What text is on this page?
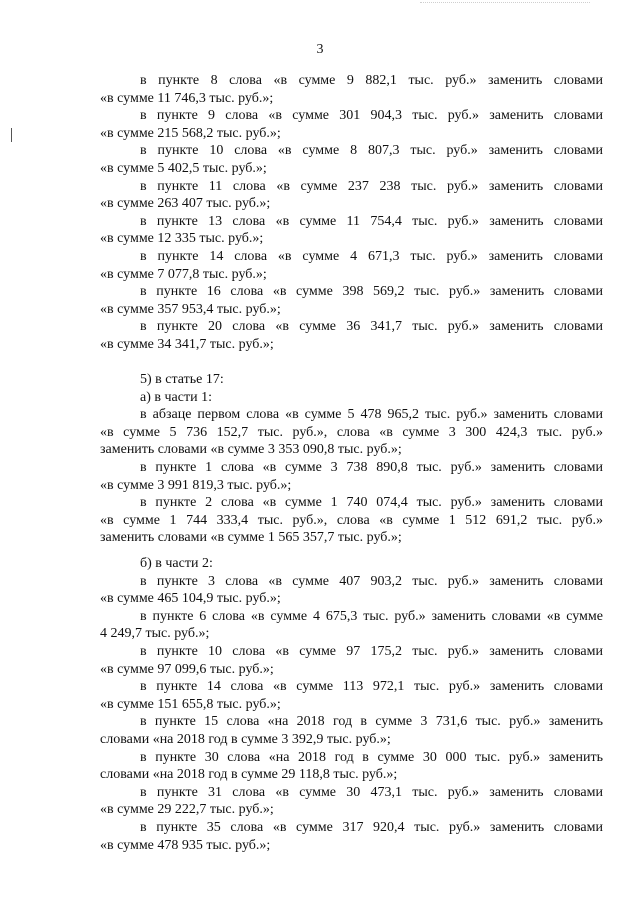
3
в пункте 8 слова «в сумме 9 882,1 тыс. руб.» заменить словами
«в сумме 11 746,3 тыс. руб.»;
в пункте 9 слова «в сумме 301 904,3 тыс. руб.» заменить словами
«в сумме 215 568,2 тыс. руб.»;
в пункте 10 слова «в сумме 8 807,3 тыс. руб.» заменить словами
«в сумме 5 402,5 тыс. руб.»;
в пункте 11 слова «в сумме 237 238 тыс. руб.» заменить словами
«в сумме 263 407 тыс. руб.»;
в пункте 13 слова «в сумме 11 754,4 тыс. руб.» заменить словами
«в сумме 12 335 тыс. руб.»;
в пункте 14 слова «в сумме 4 671,3 тыс. руб.» заменить словами
«в сумме 7 077,8 тыс. руб.»;
в пункте 16 слова «в сумме 398 569,2 тыс. руб.» заменить словами
«в сумме 357 953,4 тыс. руб.»;
в пункте 20 слова «в сумме 36 341,7 тыс. руб.» заменить словами
«в сумме 34 341,7 тыс. руб.»;
5) в статье 17:
а) в части 1:
в абзаце первом слова «в сумме 5 478 965,2 тыс. руб.» заменить словами
«в сумме 5 736 152,7 тыс. руб.», слова «в сумме 3 300 424,3 тыс. руб.»
заменить словами «в сумме 3 353 090,8 тыс. руб.»;
в пункте 1 слова «в сумме 3 738 890,8 тыс. руб.» заменить словами
«в сумме 3 991 819,3 тыс. руб.»;
в пункте 2 слова «в сумме 1 740 074,4 тыс. руб.» заменить словами
«в сумме 1 744 333,4 тыс. руб.», слова «в сумме 1 512 691,2 тыс. руб.»
заменить словами «в сумме 1 565 357,7 тыс. руб.»;
б) в части 2:
в пункте 3 слова «в сумме 407 903,2 тыс. руб.» заменить словами
«в сумме 465 104,9 тыс. руб.»;
в пункте 6 слова «в сумме 4 675,3 тыс. руб.» заменить словами «в сумме
4 249,7 тыс. руб.»;
в пункте 10 слова «в сумме 97 175,2 тыс. руб.» заменить словами
«в сумме 97 099,6 тыс. руб.»;
в пункте 14 слова «в сумме 113 972,1 тыс. руб.» заменить словами
«в сумме 151 655,8 тыс. руб.»;
в пункте 15 слова «на 2018 год в сумме 3 731,6 тыс. руб.» заменить
словами «на 2018 год в сумме 3 392,9 тыс. руб.»;
в пункте 30 слова «на 2018 год в сумме 30 000 тыс. руб.» заменить
словами «на 2018 год в сумме 29 118,8 тыс. руб.»;
в пункте 31 слова «в сумме 30 473,1 тыс. руб.» заменить словами
«в сумме 29 222,7 тыс. руб.»;
в пункте 35 слова «в сумме 317 920,4 тыс. руб.» заменить словами
«в сумме 478 935 тыс. руб.»;
